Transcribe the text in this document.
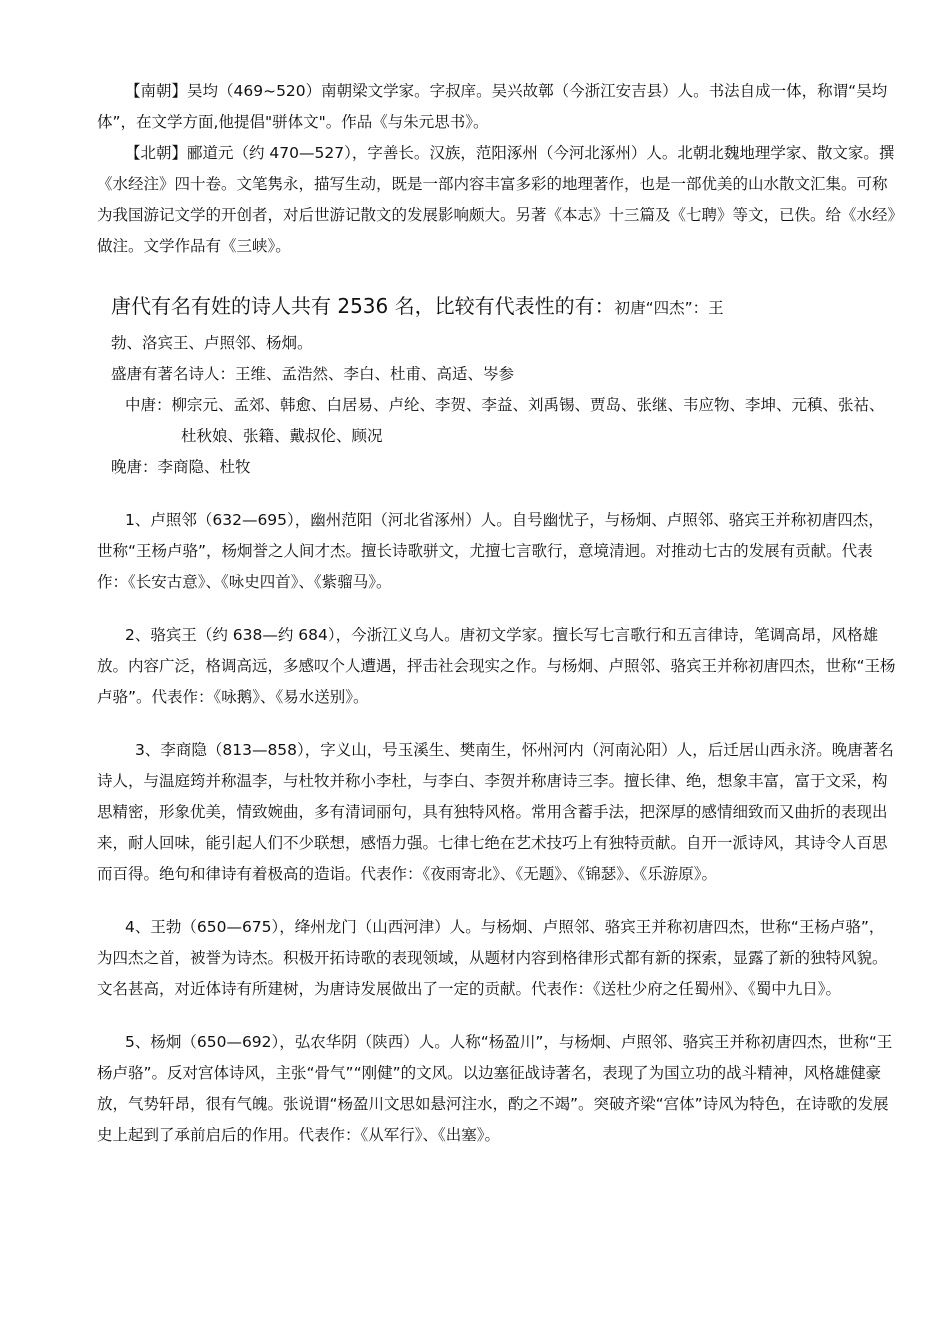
【南朝】吴均（469~520）南朝梁文学家。字叔庠。吴兴故鄣（今浙江安吉县）人。书法自成一体，称谓“吴均体”，在文学方面,他提倡"骈体文"。作品《与朱元思书》。

【北朝】郦道元（约 470—527），字善长。汉族，范阳涿州（今河北涿州）人。北朝北魏地理学家、散文家。撰《水经注》四十卷。文笔隽永，描写生动，既是一部内容丰富多彩的地理著作，也是一部优美的山水散文汇集。可称为我国游记文学的开创者，对后世游记散文的发展影响颇大。另著《本志》十三篇及《七聘》等文，已佚。给《水经》做注。文学作品有《三峡》。

唐代有名有姓的诗人共有 2536 名，比较有代表性的有：初唐“四杰”：王

勃、洛宾王、卢照邻、杨炯。

盛唐有著名诗人：王维、孟浩然、李白、杜甫、高适、岑参

中唐：柳宗元、孟郊、韩愈、白居易、卢纶、李贺、李益、刘禹锡、贾岛、张继、韦应物、李坤、元稹、张祜、杜秋娘、张籍、戴叔伦、顾况

晚唐：李商隐、杜牧

1、卢照邻（632—695），幽州范阳（河北省涿州）人。自号幽忧子，与杨炯、卢照邻、骆宾王并称初唐四杰，世称“王杨卢骆”，杨炯誉之人间才杰。擅长诗歌骈文，尤擅七言歌行，意境清迥。对推动七古的发展有贡献。代表作：《长安古意》、《咏史四首》、《紫骝马》。

2、骆宾王（约 638—约 684），今浙江义乌人。唐初文学家。擅长写七言歌行和五言律诗，笔调高昂，风格雄放。内容广泛，格调高远，多感叹个人遭遇，抨击社会现实之作。与杨炯、卢照邻、骆宾王并称初唐四杰，世称“王杨卢骆”。代表作：《咏鹅》、《易水送别》。

3、李商隐（813—858），字义山，号玉溪生、樊南生，怀州河内（河南沁阳）人，后迁居山西永济。晚唐著名诗人，与温庭筠并称温李，与杜牧并称小李杜，与李白、李贺并称唐诗三李。擅长律、绝，想象丰富，富于文采，构思精密，形象优美，情致婉曲，多有清词丽句，具有独特风格。常用含蓄手法，把深厚的感情细致而又曲折的表现出来，耐人回味，能引起人们不少联想，感悟力强。七律七绝在艺术技巧上有独特贡献。自开一派诗风，其诗令人百思而百得。绝句和律诗有着极高的造诣。代表作：《夜雨寄北》、《无题》、《锦瑟》、《乐游原》。

4、王勃（650—675），绛州龙门（山西河津）人。与杨炯、卢照邻、骆宾王并称初唐四杰，世称“王杨卢骆”，为四杰之首，被誉为诗杰。积极开拓诗歌的表现领域，从题材内容到格律形式都有新的探索，显露了新的独特风貌。文名甚高，对近体诗有所建树，为唐诗发展做出了一定的贡献。代表作：《送杜少府之任蜀州》、《蜀中九日》。

5、杨炯（650—692），弘农华阴（陕西）人。人称“杨盈川”，与杨炯、卢照邻、骆宾王并称初唐四杰，世称“王杨卢骆”。反对宫体诗风，主张“骨气”“刚健”的文风。以边塞征战诗著名，表现了为国立功的战斗精神，风格雄健豪放，气势轩昂，很有气魄。张说谓“杨盈川文思如悬河注水，酌之不竭”。突破齐梁“宫体”诗风为特色，在诗歌的发展史上起到了承前启后的作用。代表作：《从军行》、《出塞》。
